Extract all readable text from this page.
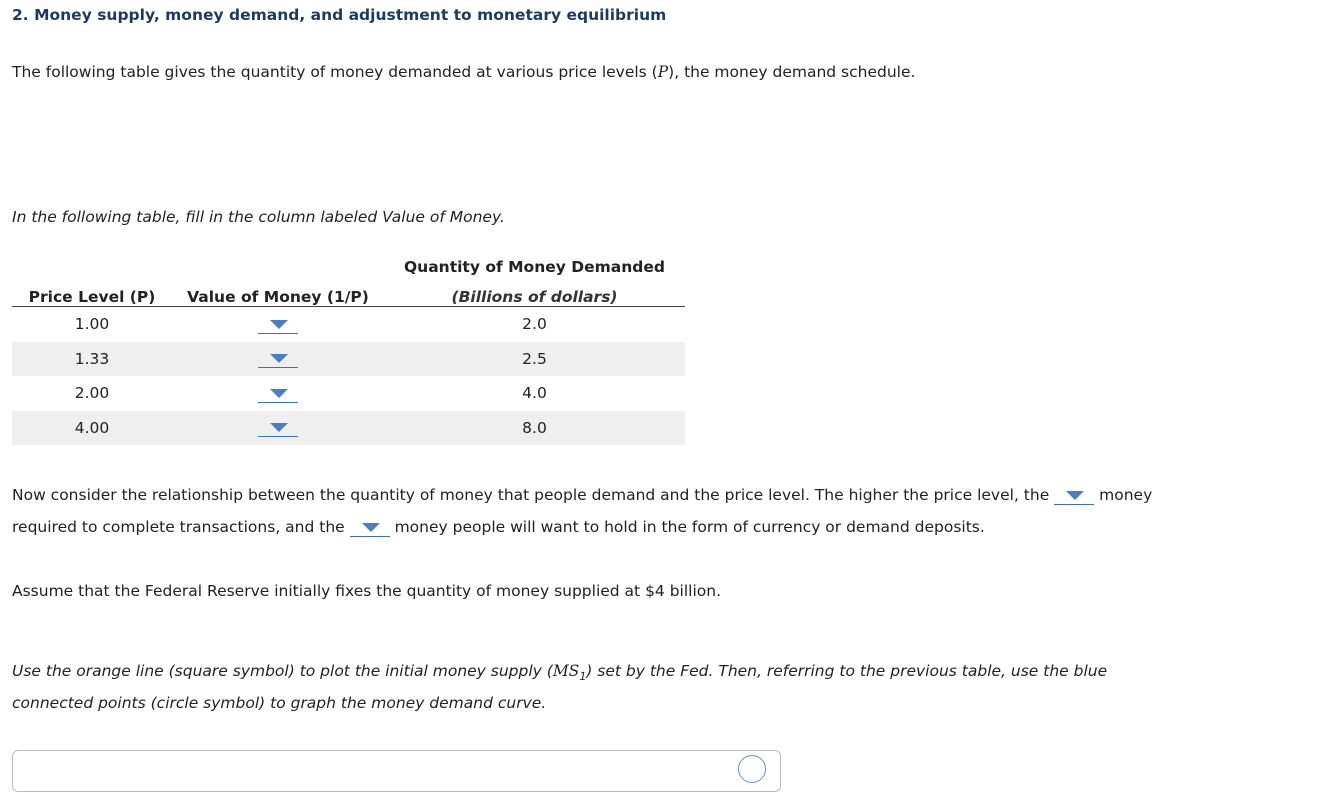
2. Money supply, money demand, and adjustment to monetary equilibrium
The following table gives the quantity of money demanded at various price levels (P), the money demand schedule.
In the following table, fill in the column labeled Value of Money.
		Quantity of Money Demanded
Price Level (P)	Value of Money (1/P)	(Billions of dollars)
1.00		2.0
1.33		2.5
2.00		4.0
4.00		8.0
Now consider the relationship between the quantity of money that people demand and the price level. The higher the price level, the	money
required to complete transactions, and the	money people will want to hold in the form of currency or demand deposits.
Assume that the Federal Reserve initially fixes the quantity of money supplied at $4 billion.
Use the orange line (square symbol) to plot the initial money supply $(MS_1)$ set by the Fed. Then, referring to the previous table, use the blue
connected points (circle symbol) to graph the money demand curve.
